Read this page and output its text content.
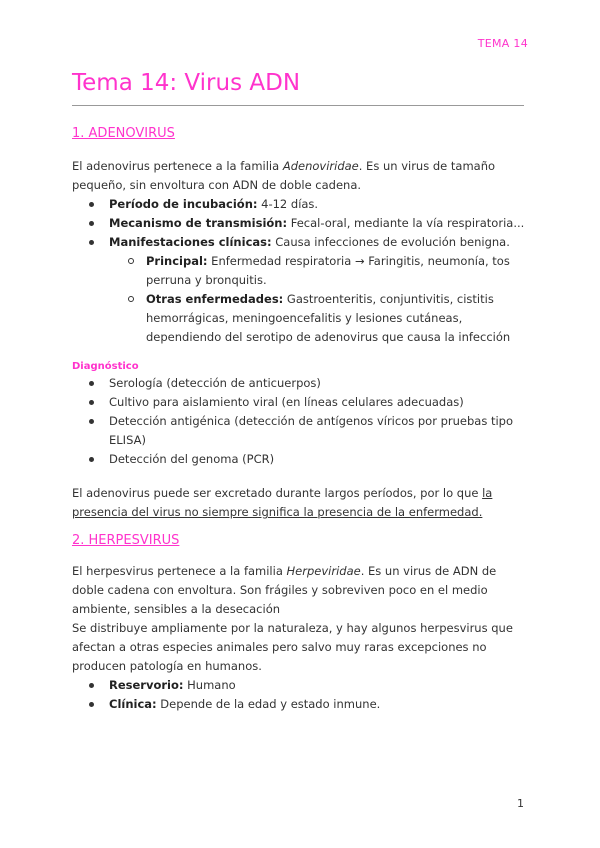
TEMA 14
Tema 14: Virus ADN
1. ADENOVIRUS

El adenovirus pertenece a la familia Adenoviridae. Es un virus de tamaño pequeño, sin envoltura con ADN de doble cadena.

Período de incubación: 4-12 días.
Mecanismo de transmisión: Fecal-oral, mediante la vía respiratoria...
Manifestaciones clínicas: Causa infecciones de evolución benigna.
Principal: Enfermedad respiratoria → Faringitis, neumonía, tos perruna y bronquitis.
Otras enfermedades: Gastroenteritis, conjuntivitis, cistitis hemorrágicas, meningoencefalitis y lesiones cutáneas, dependiendo del serotipo de adenovirus que causa la infección
Diagnóstico
Serología (detección de anticuerpos)
Cultivo para aislamiento viral (en líneas celulares adecuadas)
Detección antigénica (detección de antígenos víricos por pruebas tipo ELISA)
Detección del genoma (PCR)

El adenovirus puede ser excretado durante largos períodos, por lo que la presencia del virus no siempre significa la presencia de la enfermedad.

2. HERPESVIRUS

El herpesvirus pertenece a la familia Herpeviridae. Es un virus de ADN de doble cadena con envoltura. Son frágiles y sobreviven poco en el medio ambiente, sensibles a la desecación

Se distribuye ampliamente por la naturaleza, y hay algunos herpesvirus que afectan a otras especies animales pero salvo muy raras excepciones no producen patología en humanos.

Reservorio: Humano
Clínica: Depende de la edad y estado inmune.
1
